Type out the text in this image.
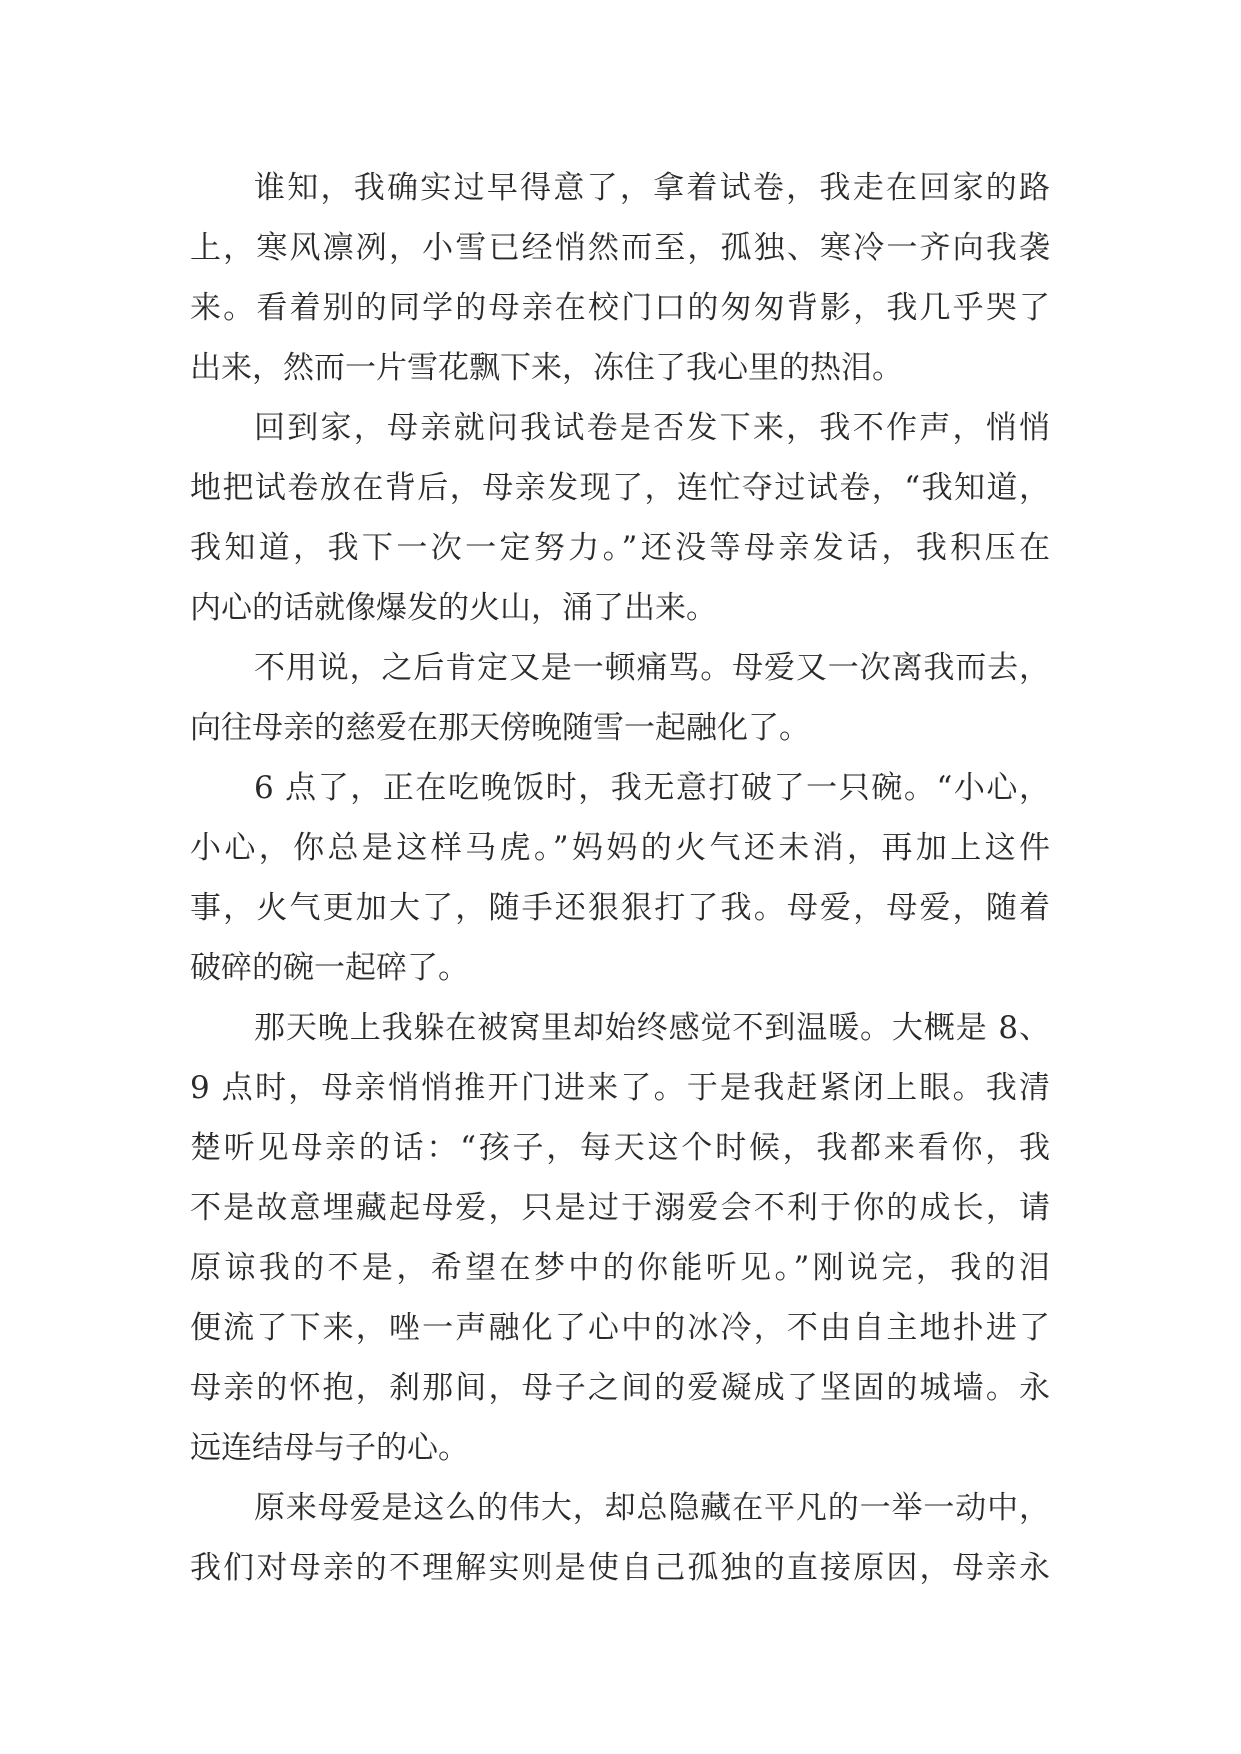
谁知，我确实过早得意了，拿着试卷，我走在回家的路
上，寒风凛冽，小雪已经悄然而至，孤独、寒冷一齐向我袭
来。看着别的同学的母亲在校门口的匆匆背影，我几乎哭了
出来，然而一片雪花飘下来，冻住了我心里的热泪。
回到家，母亲就问我试卷是否发下来，我不作声，悄悄
地把试卷放在背后，母亲发现了，连忙夺过试卷，“我知道，
我知道，我下一次一定努力。”还没等母亲发话，我积压在
内心的话就像爆发的火山，涌了出来。
不用说，之后肯定又是一顿痛骂。母爱又一次离我而去，
向往母亲的慈爱在那天傍晚随雪一起融化了。
6 点了，正在吃晚饭时，我无意打破了一只碗。“小心，
小心，你总是这样马虎。”妈妈的火气还未消，再加上这件
事，火气更加大了，随手还狠狠打了我。母爱，母爱，随着
破碎的碗一起碎了。
那天晚上我躲在被窝里却始终感觉不到温暖。大概是 8、
9 点时，母亲悄悄推开门进来了。于是我赶紧闭上眼。我清
楚听见母亲的话：“孩子，每天这个时候，我都来看你，我
不是故意埋藏起母爱，只是过于溺爱会不利于你的成长，请
原谅我的不是，希望在梦中的你能听见。”刚说完，我的泪
便流了下来，唑一声融化了心中的冰冷，不由自主地扑进了
母亲的怀抱，刹那间，母子之间的爱凝成了坚固的城墙。永
远连结母与子的心。
原来母爱是这么的伟大，却总隐藏在平凡的一举一动中，
我们对母亲的不理解实则是使自己孤独的直接原因，母亲永
